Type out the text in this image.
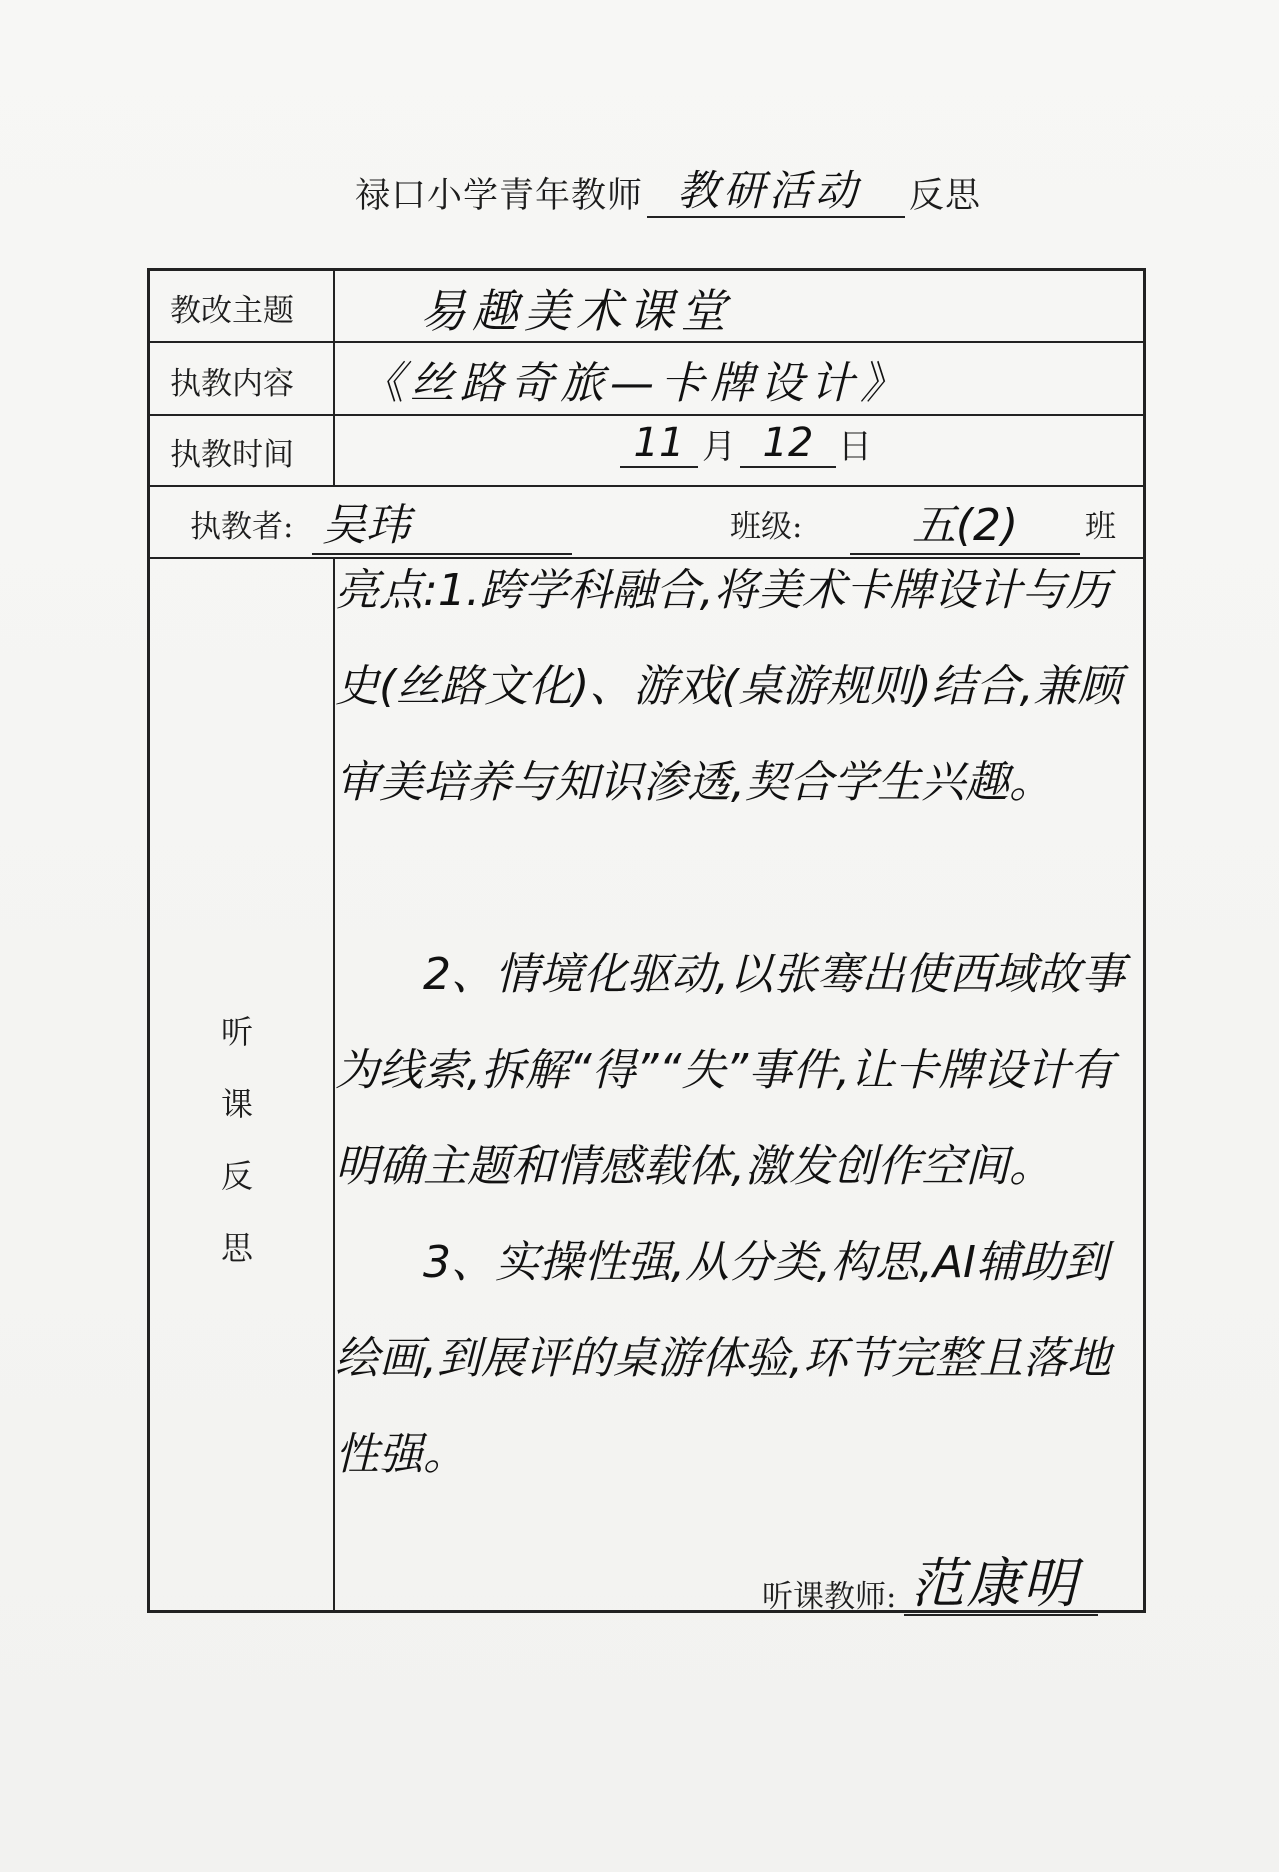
禄口小学青年教师 教研活动 反思
教改主题	易趣美术课堂
执教内容 《丝路奇旅—卡牌设计》
执教时间	11 月 12 日
执教者: 吴玮	班级:	五(2)	班
听
课
反
思

亮点:1.跨学科融合,将美术卡牌设计与历史(丝路文化)、游戏(桌游规则)结合,兼顾审美培养与知识渗透,契合学生兴趣。

2、情境化驱动,以张骞出使西域故事为线索,拆解“得”“失”事件,让卡牌设计有明确主题和情感载体,激发创作空间。

3、实操性强,从分类,构思,AI辅助到绘画,到展评的桌游体验,环节完整且落地性强。

听课教师: 范康明
